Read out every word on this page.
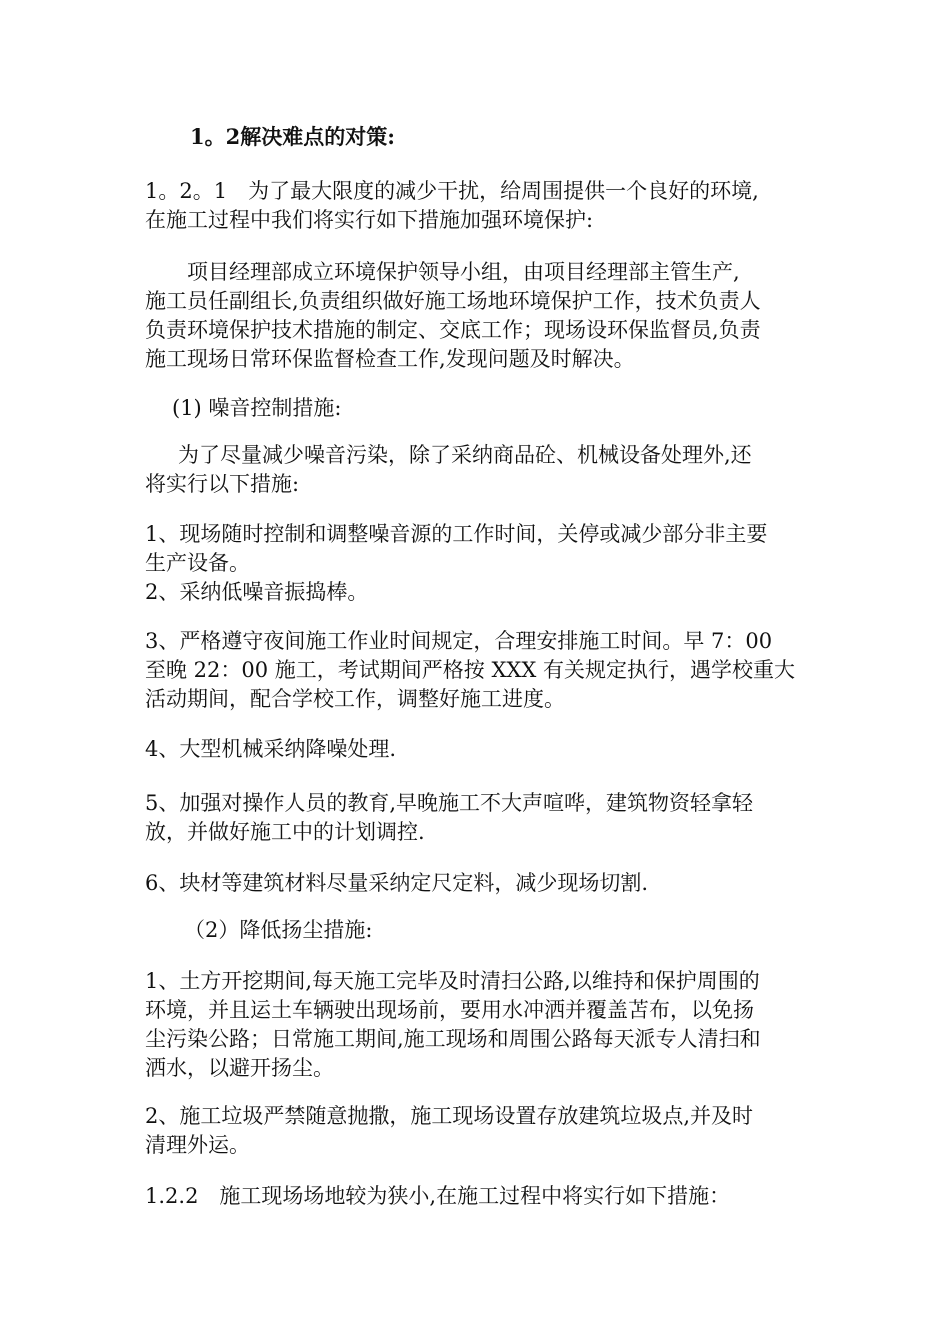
1。2解决难点的对策:

1。2。1　为了最大限度的减少干扰，给周围提供一个良好的环境,
在施工过程中我们将实行如下措施加强环境保护:

　　项目经理部成立环境保护领导小组，由项目经理部主管生产,
施工员任副组长,负责组织做好施工场地环境保护工作，技术负责人
负责环境保护技术措施的制定、交底工作；现场设环保监督员,负责
施工现场日常环保监督检查工作,发现问题及时解决。

(1) 噪音控制措施:

为了尽量减少噪音污染，除了采纳商品砼、机械设备处理外,还
将实行以下措施:

1、现场随时控制和调整噪音源的工作时间，关停或减少部分非主要
生产设备。
2、采纳低噪音振捣棒。

3、严格遵守夜间施工作业时间规定，合理安排施工时间。早 7：00
至晚 22：00 施工，考试期间严格按 XXX 有关规定执行，遇学校重大
活动期间，配合学校工作，调整好施工进度。

4、大型机械采纳降噪处理.

5、加强对操作人员的教育,早晚施工不大声喧哗，建筑物资轻拿轻
放，并做好施工中的计划调控.

6、块材等建筑材料尽量采纳定尺定料，减少现场切割.

（2）降低扬尘措施:

1、土方开挖期间,每天施工完毕及时清扫公路,以维持和保护周围的
环境，并且运土车辆驶出现场前，要用水冲洒并覆盖苫布，以免扬
尘污染公路；日常施工期间,施工现场和周围公路每天派专人清扫和
洒水，以避开扬尘。

2、施工垃圾严禁随意抛撒，施工现场设置存放建筑垃圾点,并及时
清理外运。

1.2.2　施工现场场地较为狭小,在施工过程中将实行如下措施：
